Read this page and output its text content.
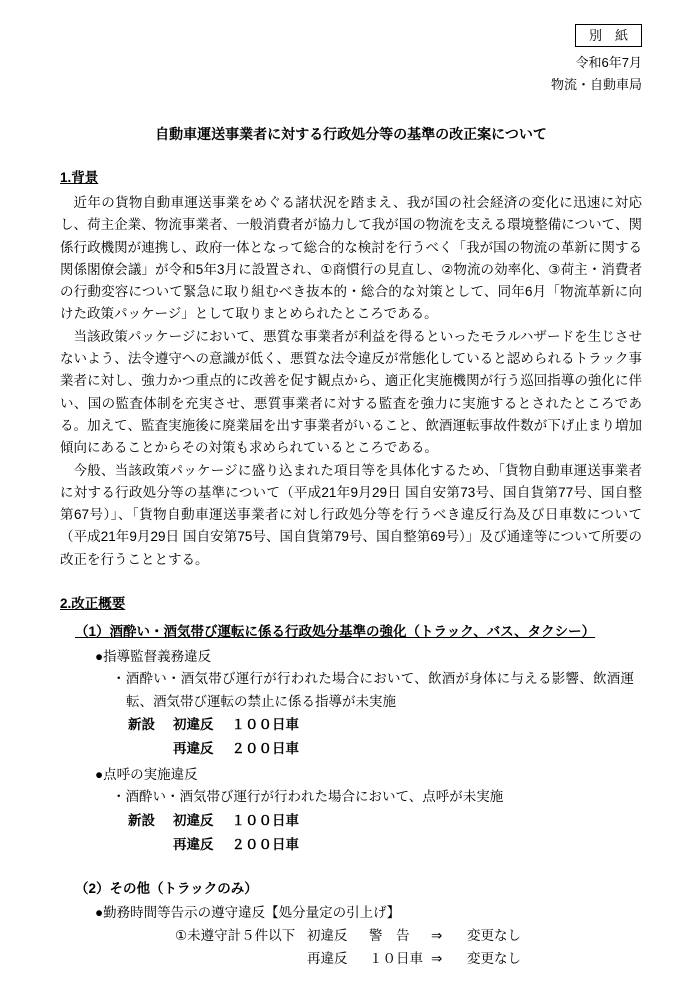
別　紙
令和6年7月
物流・自動車局
自動車運送事業者に対する行政処分等の基準の改正案について
1.背景

近年の貨物自動車運送事業をめぐる諸状況を踏まえ、我が国の社会経済の変化に迅速に対応し、荷主企業、物流事業者、一般消費者が協力して我が国の物流を支える環境整備について、関係行政機関が連携し、政府一体となって総合的な検討を行うべく「我が国の物流の革新に関する関係閣僚会議」が令和5年3月に設置され、①商慣行の見直し、②物流の効率化、③荷主・消費者の行動変容について緊急に取り組むべき抜本的・総合的な対策として、同年6月「物流革新に向けた政策パッケージ」として取りまとめられたところである。

当該政策パッケージにおいて、悪質な事業者が利益を得るといったモラルハザードを生じさせないよう、法令遵守への意識が低く、悪質な法令違反が常態化していると認められるトラック事業者に対し、強力かつ重点的に改善を促す観点から、適正化実施機関が行う巡回指導の強化に伴い、国の監査体制を充実させ、悪質事業者に対する監査を強力に実施するとされたところである。加えて、監査実施後に廃業届を出す事業者がいること、飲酒運転事故件数が下げ止まり増加傾向にあることからその対策も求められているところである。

今般、当該政策パッケージに盛り込まれた項目等を具体化するため、「貨物自動車運送事業者に対する行政処分等の基準について（平成21年9月29日 国自安第73号、国自貨第77号、国自整第67号）」、「貨物自動車運送事業者に対し行政処分等を行うべき違反行為及び日車数について（平成21年9月29日 国自安第75号、国自貨第79号、国自整第69号）」及び通達等について所要の改正を行うこととする。

2.改正概要
（1）酒酔い・酒気帯び運転に係る行政処分基準の強化（トラック、バス、タクシー）
●指導監督義務違反
・酒酔い・酒気帯び運行が行われた場合において、飲酒が身体に与える影響、飲酒運転、酒気帯び運転の禁止に係る指導が未実施
新設 初違反 １００日車
再違反 ２００日車
●点呼の実施違反
・酒酔い・酒気帯び運行が行われた場合において、点呼が未実施
新設 初違反 １００日車
再違反 ２００日車
（2）その他（トラックのみ）
●勤務時間等告示の遵守違反【処分量定の引上げ】
①未遵守計５件以下 初違反	警　告	⇒	変更なし
再違反	１０日車 ⇒	変更なし
